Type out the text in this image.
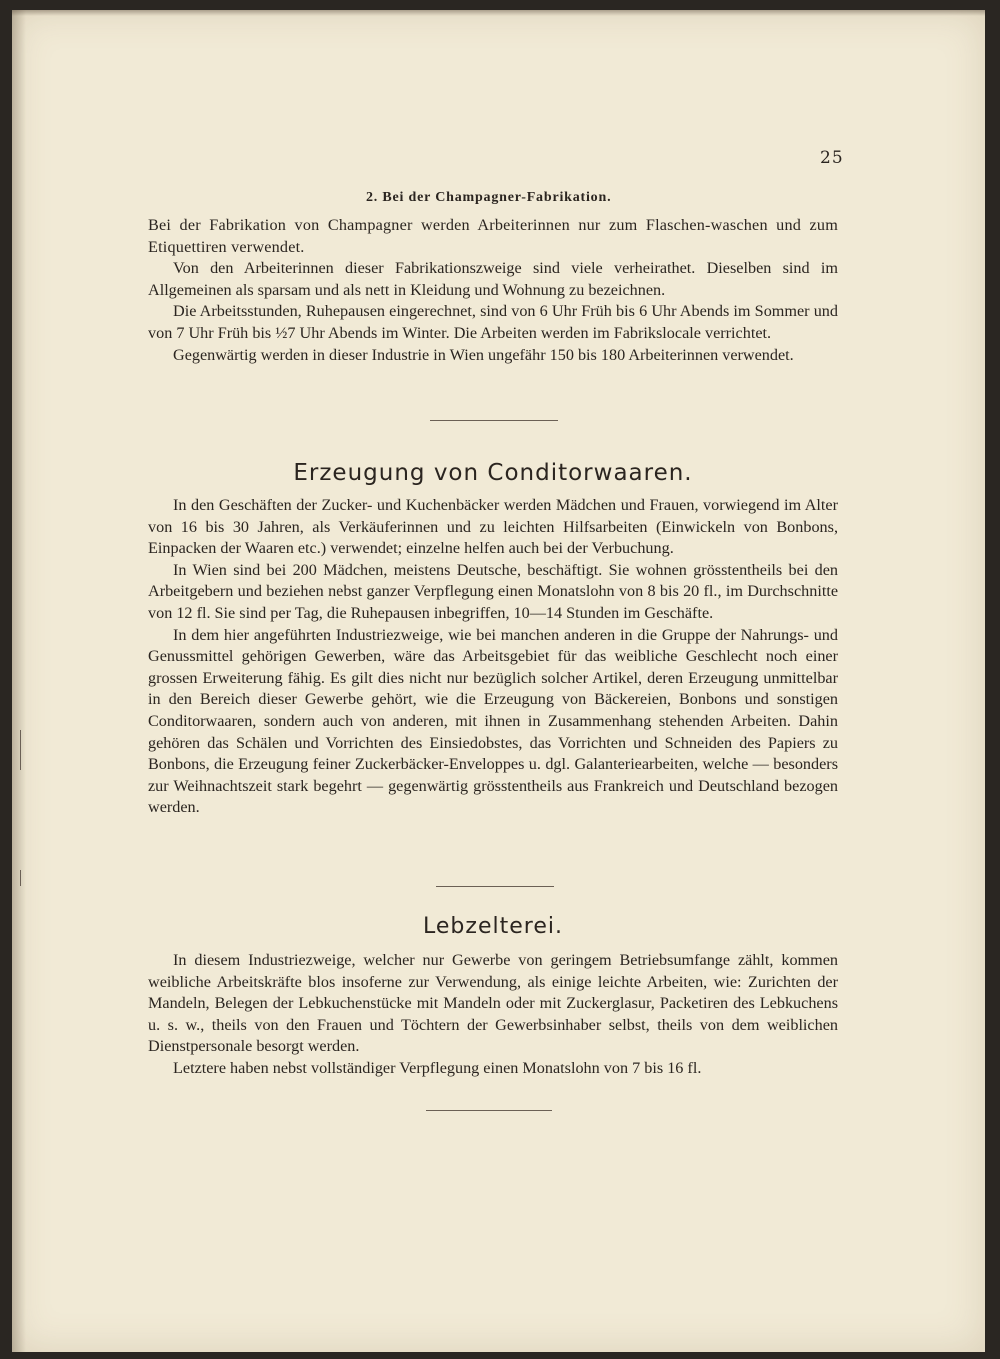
25
2. Bei der Champagner-Fabrikation.

Bei der Fabrikation von Champagner werden Arbeiterinnen nur zum Flaschen-waschen und zum Etiquettiren verwendet.

Von den Arbeiterinnen dieser Fabrikationszweige sind viele verheirathet. Dieselben sind im Allgemeinen als sparsam und als nett in Kleidung und Wohnung zu bezeichnen.

Die Arbeitsstunden, Ruhepausen eingerechnet, sind von 6 Uhr Früh bis 6 Uhr Abends im Sommer und von 7 Uhr Früh bis ½7 Uhr Abends im Winter. Die Arbeiten werden im Fabrikslocale verrichtet.

Gegenwärtig werden in dieser Industrie in Wien ungefähr 150 bis 180 Arbeiterinnen verwendet.

Erzeugung von Conditorwaaren.

In den Geschäften der Zucker- und Kuchenbäcker werden Mädchen und Frauen, vorwiegend im Alter von 16 bis 30 Jahren, als Verkäuferinnen und zu leichten Hilfsarbeiten (Einwickeln von Bonbons, Einpacken der Waaren etc.) verwendet; einzelne helfen auch bei der Verbuchung.

In Wien sind bei 200 Mädchen, meistens Deutsche, beschäftigt. Sie wohnen grösstentheils bei den Arbeitgebern und beziehen nebst ganzer Verpflegung einen Monatslohn von 8 bis 20 fl., im Durchschnitte von 12 fl. Sie sind per Tag, die Ruhepausen inbegriffen, 10—14 Stunden im Geschäfte.

In dem hier angeführten Industriezweige, wie bei manchen anderen in die Gruppe der Nahrungs- und Genussmittel gehörigen Gewerben, wäre das Arbeitsgebiet für das weibliche Geschlecht noch einer grossen Erweiterung fähig. Es gilt dies nicht nur bezüglich solcher Artikel, deren Erzeugung unmittelbar in den Bereich dieser Gewerbe gehört, wie die Erzeugung von Bäckereien, Bonbons und sonstigen Conditorwaaren, sondern auch von anderen, mit ihnen in Zusammenhang stehenden Arbeiten. Dahin gehören das Schälen und Vorrichten des Einsiedobstes, das Vorrichten und Schneiden des Papiers zu Bonbons, die Erzeugung feiner Zuckerbäcker-Enveloppes u. dgl. Galanteriearbeiten, welche — besonders zur Weihnachtszeit stark begehrt — gegenwärtig grösstentheils aus Frankreich und Deutschland bezogen werden.

Lebzelterei.

In diesem Industriezweige, welcher nur Gewerbe von geringem Betriebsumfange zählt, kommen weibliche Arbeitskräfte blos insoferne zur Verwendung, als einige leichte Arbeiten, wie: Zurichten der Mandeln, Belegen der Lebkuchenstücke mit Mandeln oder mit Zuckerglasur, Packetiren des Lebkuchens u. s. w., theils von den Frauen und Töchtern der Gewerbsinhaber selbst, theils von dem weiblichen Dienstpersonale besorgt werden.

Letztere haben nebst vollständiger Verpflegung einen Monatslohn von 7 bis 16 fl.
